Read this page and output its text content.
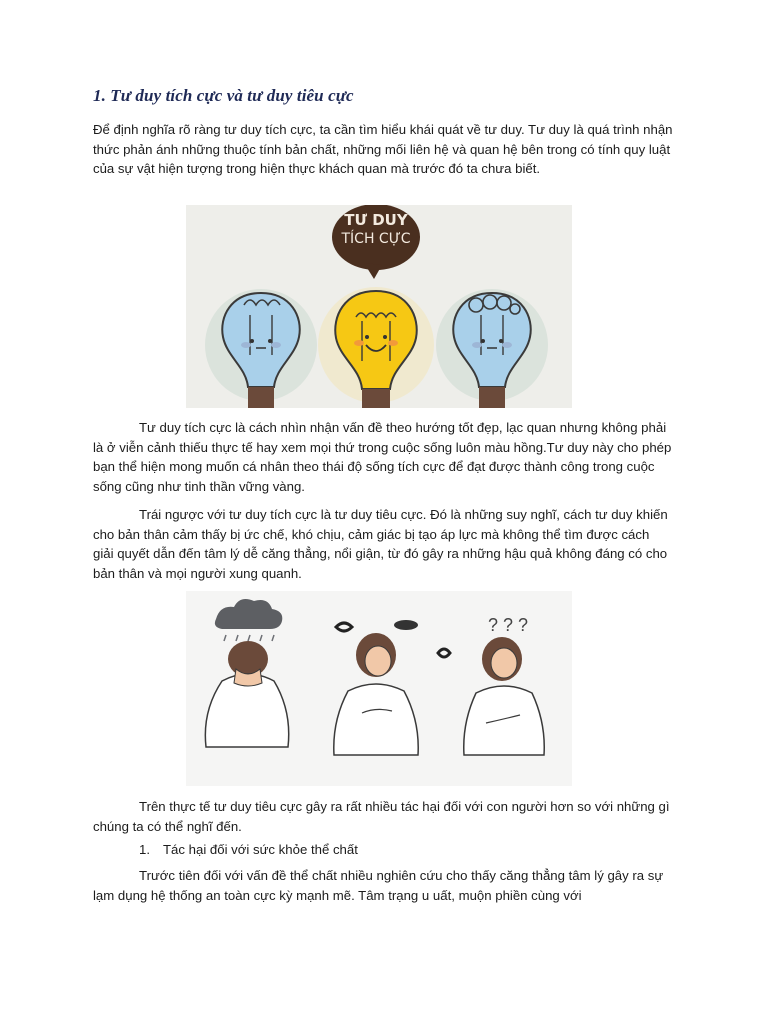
1. Tư duy tích cực và tư duy tiêu cực

Để định nghĩa rõ ràng tư duy tích cực, ta cần tìm hiểu khái quát về tư duy. Tư duy là quá trình nhận thức phản ánh những thuộc tính bản chất, những mối liên hệ và quan hệ bên trong có tính quy luật của sự vật hiện tượng trong hiện thực khách quan mà trước đó ta chưa biết.

TƯ DUY
TÍCH CỰC

Tư duy tích cực là cách nhìn nhận vấn đề theo hướng tốt đẹp, lạc quan nhưng không phải là ở viễn cảnh thiếu thực tế hay xem mọi thứ trong cuộc sống luôn màu hồng.Tư duy này cho phép bạn thể hiện mong muốn cá nhân theo thái độ sống tích cực để đạt được thành công trong cuộc sống cũng như tinh thần vững vàng.

Trái ngược với tư duy tích cực là tư duy tiêu cực. Đó là những suy nghĩ, cách tư duy khiến cho bản thân cảm thấy bị ức chế, khó chịu, cảm giác bị tạo áp lực mà không thể tìm được cách giải quyết dẫn đến tâm lý dễ căng thẳng, nổi giận, từ đó gây ra những hậu quả không đáng có cho bản thân và mọi người xung quanh.

? ? ?

Trên thực tế tư duy tiêu cực gây ra rất nhiều tác hại đối với con người hơn so với những gì chúng ta có thể nghĩ đến.

1. Tác hại đối với sức khỏe thể chất

Trước tiên đối với vấn đề thể chất nhiều nghiên cứu cho thấy căng thẳng tâm lý gây ra sự lạm dụng hệ thống an toàn cực kỳ mạnh mẽ. Tâm trạng u uất, muộn phiền cùng với
